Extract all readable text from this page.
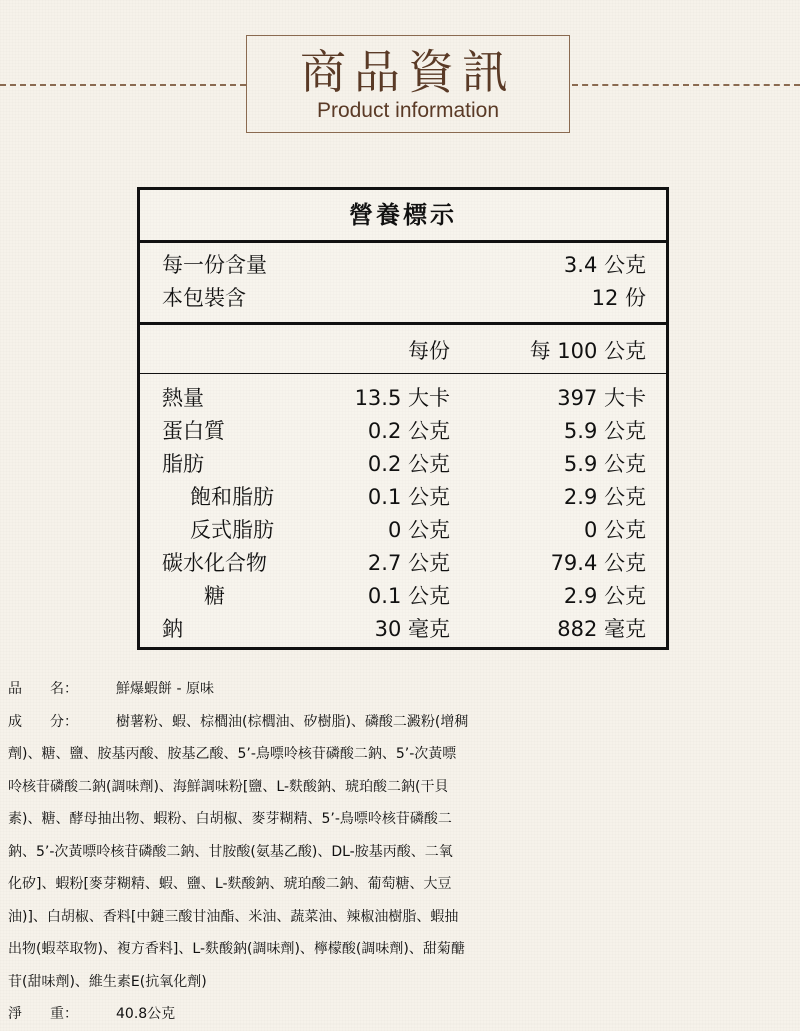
商品資訊
Product information
營養標示
每一份含量	3.4 公克
本包裝含	12 份
每份	每 100 公克
熱量	13.5 大卡	397 大卡
蛋白質	0.2 公克	5.9 公克
脂肪	0.2 公克	5.9 公克
飽和脂肪	0.1 公克	2.9 公克
反式脂肪	0 公克	0 公克
碳水化合物	2.7 公克	79.4 公克
糖	0.1 公克	2.9 公克
鈉	30 毫克	882 毫克
品　　名：	鮮爆蝦餅 - 原味
成　　分：	樹薯粉、蝦、棕櫚油(棕櫚油、矽樹脂)、磷酸二澱粉(增稠
劑)、糖、鹽、胺基丙酸、胺基乙酸、5’-鳥嘌呤核苷磷酸二鈉、5’-次黃嘌
呤核苷磷酸二鈉(調味劑)、海鮮調味粉[鹽、L-麩酸鈉、琥珀酸二鈉(干貝
素)、糖、酵母抽出物、蝦粉、白胡椒、麥芽糊精、5’-鳥嘌呤核苷磷酸二
鈉、5’-次黃嘌呤核苷磷酸二鈉、甘胺酸(氨基乙酸)、DL-胺基丙酸、二氧
化矽]、蝦粉[麥芽糊精、蝦、鹽、L-麩酸鈉、琥珀酸二鈉、葡萄糖、大豆
油)]、白胡椒、香料[中鏈三酸甘油酯、米油、蔬菜油、辣椒油樹脂、蝦抽
出物(蝦萃取物)、複方香料]、L-麩酸鈉(調味劑)、檸檬酸(調味劑)、甜菊醣
苷(甜味劑)、維生素E(抗氧化劑)
淨　　重：	40.8公克
